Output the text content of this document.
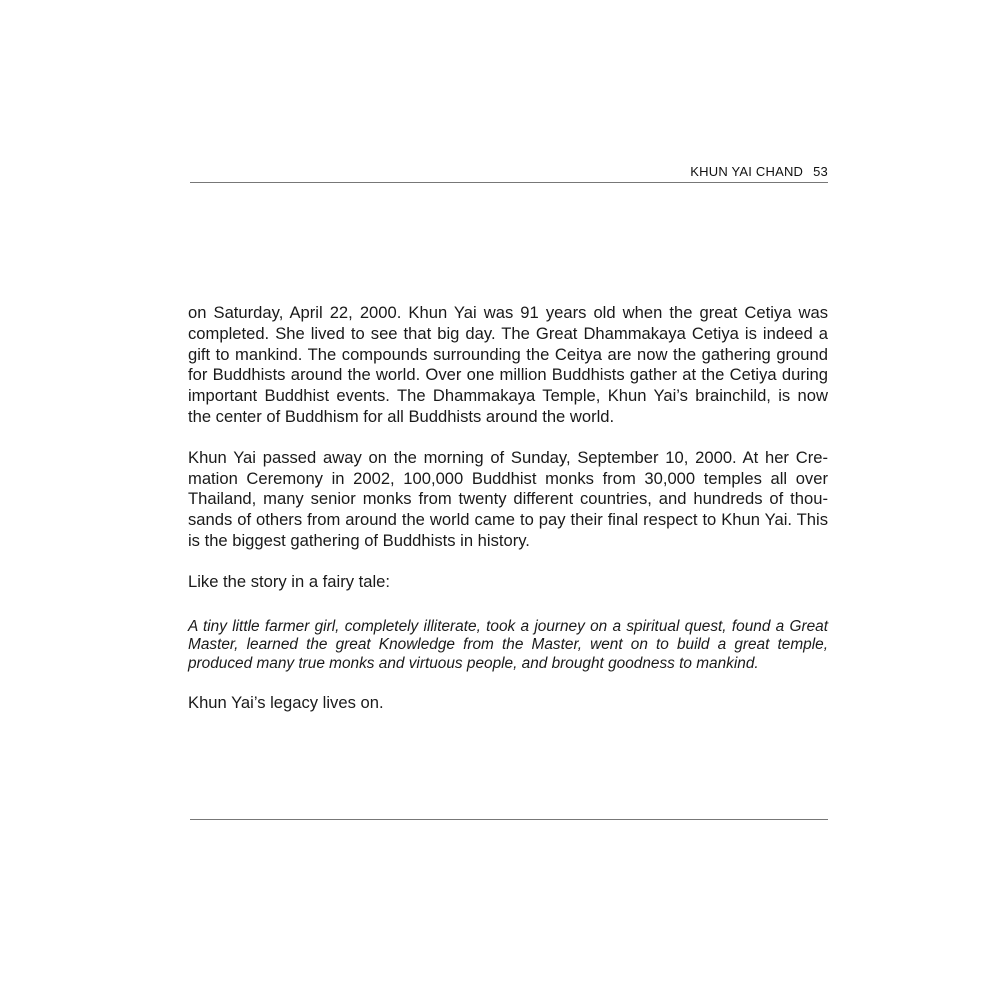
KHUN YAI CHAND 53

on Saturday, April 22, 2000. Khun Yai was 91 years old when the great Cetiya was completed. She lived to see that big day. The Great Dhammakaya Cetiya is indeed a gift to mankind. The compounds surrounding the Ceitya are now the gathering ground for Buddhists around the world. Over one million Buddhists gather at the Cetiya during important Buddhist events. The Dhammakaya Temple, Khun Yai’s brainchild, is now the center of Buddhism for all Buddhists around the world.

Khun Yai passed away on the morning of Sunday, September 10, 2000. At her Cremation Ceremony in 2002, 100,000 Buddhist monks from 30,000 temples all over Thailand, many senior monks from twenty different countries, and hundreds of thousands of others from around the world came to pay their final respect to Khun Yai. This is the biggest gathering of Buddhists in history.

Like the story in a fairy tale:

A tiny little farmer girl, completely illiterate, took a journey on a spiritual quest, found a Great Master, learned the great Knowledge from the Master, went on to build a great temple, produced many true monks and virtuous people, and brought goodness to mankind.

Khun Yai’s legacy lives on.
